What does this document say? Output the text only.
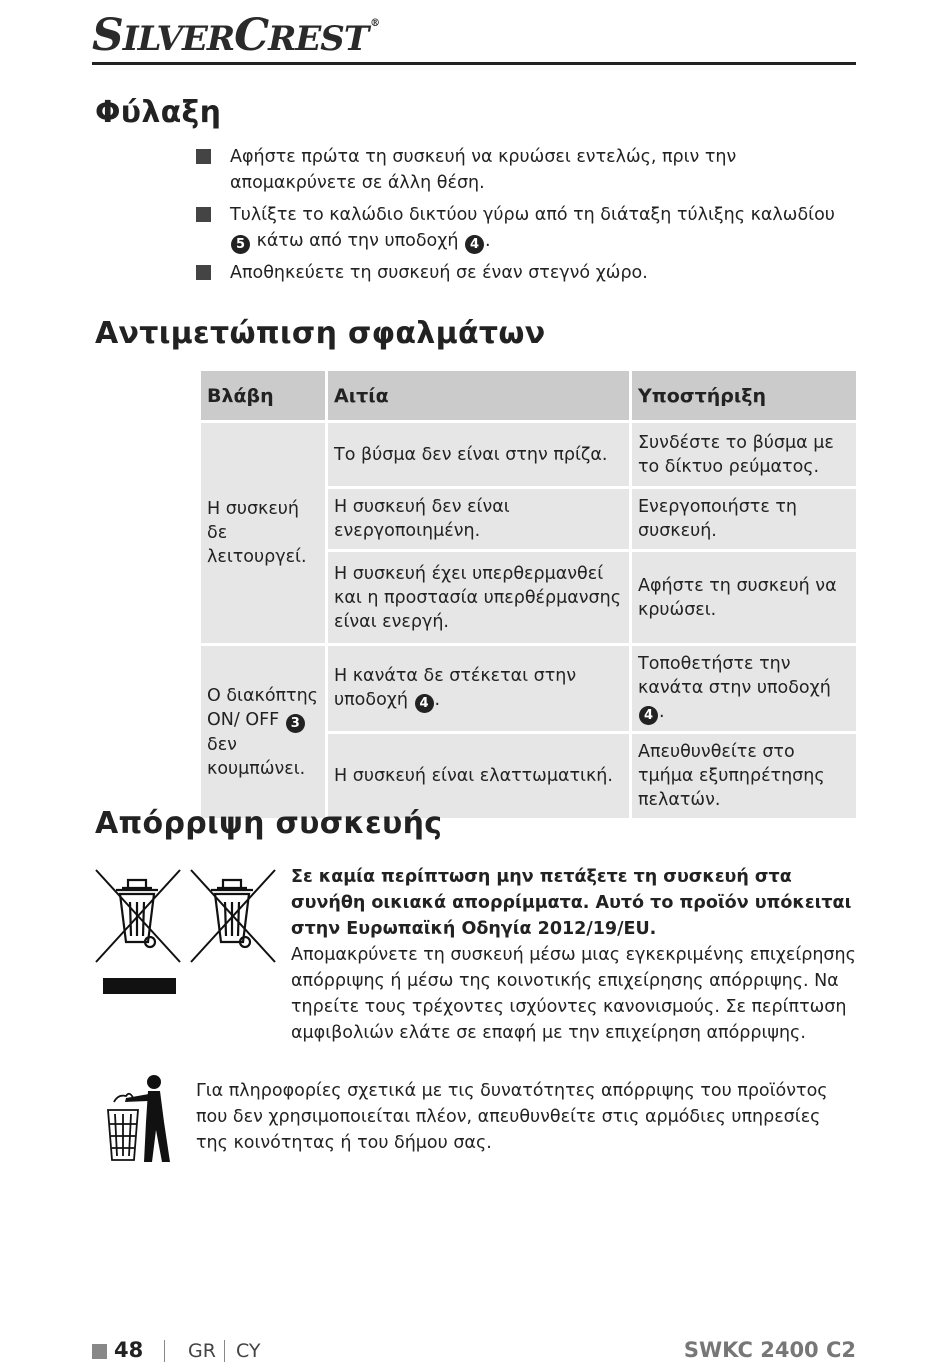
SILVERCREST ®
Φύλαξη
Αφήστε πρώτα τη συσκευή να κρυώσει εντελώς, πριν την απομακρύνετε σε άλλη θέση.
Τυλίξτε το καλώδιο δικτύου γύρω από τη διάταξη τύλιξης καλωδίου 5 κάτω από την υποδοχή 4 .
Αποθηκεύετε τη συσκευή σε έναν στεγνό χώρο.
Αντιμετώπιση σφαλμάτων
Βλάβη	Αιτία	Υποστήριξη
Η συσκευή δε λειτουργεί.	Το βύσμα δεν είναι στην πρίζα.	Συνδέστε το βύσμα με το δίκτυο ρεύματος.
	Η συσκευή δεν είναι ενεργοποιημένη.	Ενεργοποιήστε τη συσκευή.
	Η συσκευή έχει υπερθερμανθεί και η προστασία υπερθέρμανσης είναι ενεργή.	Αφήστε τη συσκευή να κρυώσει.
Ο διακόπτης ON/ OFF 3 δεν κουμπώνει.	Η κανάτα δε στέκεται στην υποδοχή 4 .	Τοποθετήστε την κανάτα στην υποδοχή 4 .
	Η συσκευή είναι ελαττωματική.	Απευθυνθείτε στο τμήμα εξυπηρέτησης πελατών.
Απόρριψη συσκευής
Σε καμία περίπτωση μην πετάξετε τη συσκευή στα συνήθη οικιακά απορρίμματα. Αυτό το προϊόν υπόκειται στην Ευρωπαϊκή Οδηγία 2012/19/EU.
Απομακρύνετε τη συσκευή μέσω μιας εγκεκριμένης επιχείρησης απόρριψης ή μέσω της κοινοτικής επιχείρησης απόρριψης. Να τηρείτε τους τρέχοντες ισχύοντες κανονισμούς. Σε περίπτωση αμφιβολιών ελάτε σε επαφή με την επιχείρηση απόρριψης.
Για πληροφορίες σχετικά με τις δυνατότητες απόρριψης του προϊόντος που δεν χρησιμοποιείται πλέον, απευθυνθείτε στις αρμόδιες υπηρεσίες της κοινότητας ή του δήμου σας.
48 GR CY	SWKC 2400 C2
